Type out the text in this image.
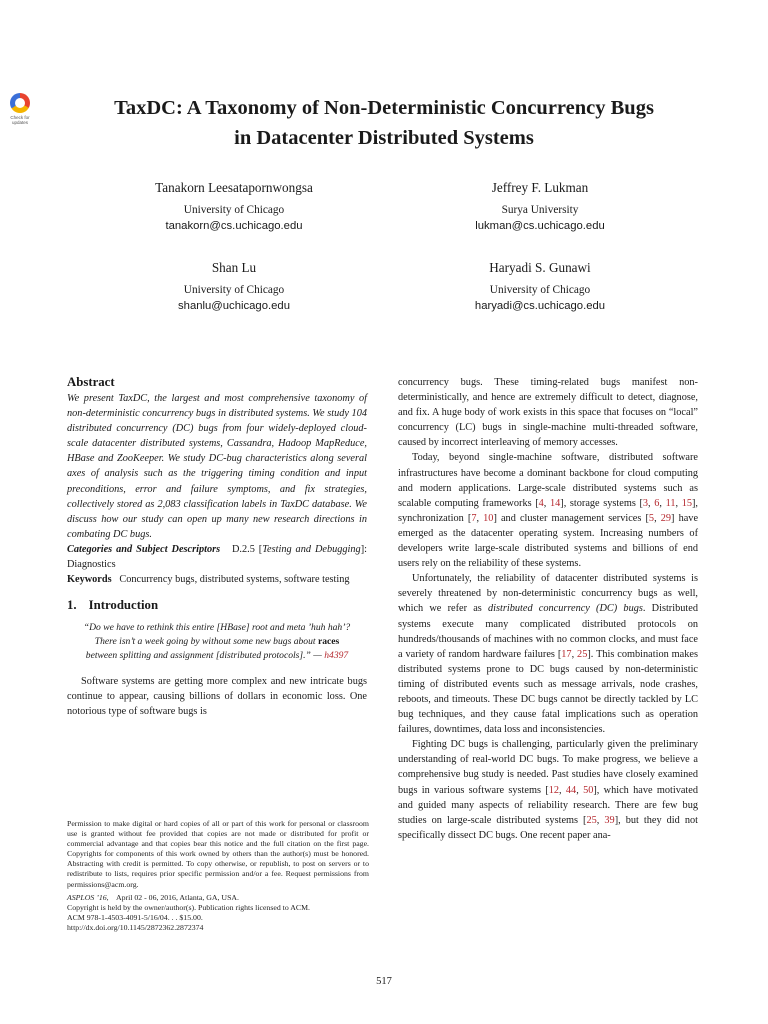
Check for updates
TaxDC: A Taxonomy of Non-Deterministic Concurrency Bugs
in Datacenter Distributed Systems
Tanakorn Leesatapornwongsa
University of Chicago
tanakorn@cs.uchicago.edu
Jeffrey F. Lukman
Surya University
lukman@cs.uchicago.edu
Shan Lu
University of Chicago
shanlu@uchicago.edu
Haryadi S. Gunawi
University of Chicago
haryadi@cs.uchicago.edu
Abstract

We present TaxDC, the largest and most comprehensive taxonomy of non-deterministic concurrency bugs in distributed systems. We study 104 distributed concurrency (DC) bugs from four widely-deployed cloud-scale datacenter distributed systems, Cassandra, Hadoop MapReduce, HBase and ZooKeeper. We study DC-bug characteristics along several axes of analysis such as the triggering timing condition and input preconditions, error and failure symptoms, and fix strategies, collectively stored as 2,083 classification labels in TaxDC database. We discuss how our study can open up many new research directions in combating DC bugs.

Categories and Subject Descriptors D.2.5 [Testing and Debugging]: Diagnostics

Keywords Concurrency bugs, distributed systems, software testing

1. Introduction
“Do we have to rethink this entire [HBase] root and meta ’huh hah’? There isn’t a week going by without some new bugs about races between splitting and assignment [distributed protocols].” — h4397

Software systems are getting more complex and new intricate bugs continue to appear, causing billions of dollars in economic loss. One notorious type of software bugs is

Permission to make digital or hard copies of all or part of this work for personal or classroom use is granted without fee provided that copies are not made or distributed for profit or commercial advantage and that copies bear this notice and the full citation on the first page. Copyrights for components of this work owned by others than the author(s) must be honored. Abstracting with credit is permitted. To copy otherwise, or republish, to post on servers or to redistribute to lists, requires prior specific permission and/or a fee. Request permissions from permissions@acm.org.
ASPLOS ’16, April 02 - 06, 2016, Atlanta, GA, USA.
Copyright is held by the owner/author(s). Publication rights licensed to ACM.
ACM 978-1-4503-4091-5/16/04. . . $15.00.
http://dx.doi.org/10.1145/2872362.2872374

concurrency bugs. These timing-related bugs manifest non-deterministically, and hence are extremely difficult to detect, diagnose, and fix. A huge body of work exists in this space that focuses on “local” concurrency (LC) bugs in single-machine multi-threaded software, caused by incorrect interleaving of memory accesses.

Today, beyond single-machine software, distributed software infrastructures have become a dominant backbone for cloud computing and modern applications. Large-scale distributed systems such as scalable computing frameworks [4, 14], storage systems [3, 6, 11, 15], synchronization [7, 10] and cluster management services [5, 29] have emerged as the datacenter operating system. Increasing numbers of developers write large-scale distributed systems and billions of end users rely on the reliability of these systems.

Unfortunately, the reliability of datacenter distributed systems is severely threatened by non-deterministic concurrency bugs as well, which we refer as distributed concurrency (DC) bugs. Distributed systems execute many complicated distributed protocols on hundreds/thousands of machines with no common clocks, and must face a variety of random hardware failures [17, 25]. This combination makes distributed systems prone to DC bugs caused by non-deterministic timing of distributed events such as message arrivals, node crashes, reboots, and timeouts. These DC bugs cannot be directly tackled by LC bug techniques, and they cause fatal implications such as operation failures, downtimes, data loss and inconsistencies.

Fighting DC bugs is challenging, particularly given the preliminary understanding of real-world DC bugs. To make progress, we believe a comprehensive bug study is needed. Past studies have closely examined bugs in various software systems [12, 44, 50], which have motivated and guided many aspects of reliability research. There are few bug studies on large-scale distributed systems [25, 39], but they did not specifically dissect DC bugs. One recent paper ana-

517
